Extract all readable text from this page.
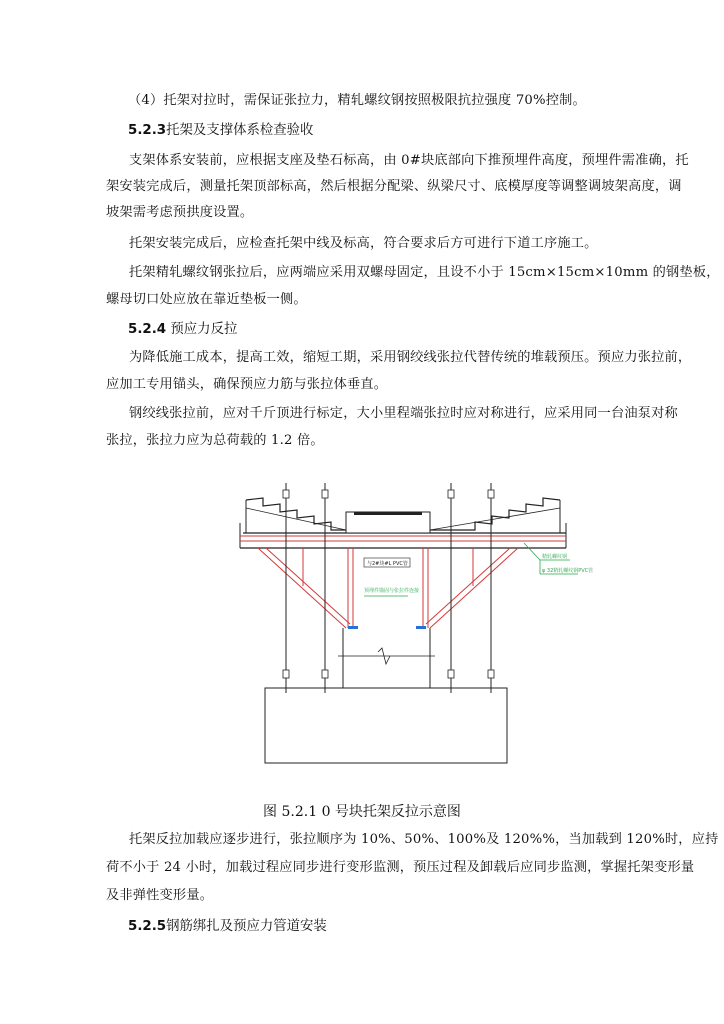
（4）托架对拉时，需保证张拉力，精轧螺纹钢按照极限抗拉强度 70%控制。
5.2.3托架及支撑体系检查验收
支架体系安装前，应根据支座及垫石标高，由 0#块底部向下推预埋件高度，预埋件需准确，托
架安装完成后，测量托架顶部标高，然后根据分配梁、纵梁尺寸、底模厚度等调整调坡架高度，调
坡架需考虑预拱度设置。
托架安装完成后，应检查托架中线及标高，符合要求后方可进行下道工序施工。
托架精轧螺纹钢张拉后，应两端应采用双螺母固定，且设不小于 15cm×15cm×10mm 的钢垫板，
螺母切口处应放在靠近垫板一侧。
5.2.4 预应力反拉
为降低施工成本，提高工效，缩短工期，采用钢绞线张拉代替传统的堆载预压。预应力张拉前，
应加工专用锚头，确保预应力筋与张拉体垂直。
钢绞线张拉前，应对千斤顶进行标定，大小里程端张拉时应对称进行，应采用同一台油泵对称
张拉，张拉力应为总荷载的 1.2 倍。
与2#块#L PVC管
精轧螺纹钢
φ 32精轧螺纹钢PVC管
预埋件锚固与张拉件连接
图 5.2.1 0 号块托架反拉示意图
托架反拉加载应逐步进行，张拉顺序为 10%、50%、100%及 120%%，当加载到 120%时，应持
荷不小于 24 小时，加载过程应同步进行变形监测，预压过程及卸载后应同步监测，掌握托架变形量
及非弹性变形量。
5.2.5钢筋绑扎及预应力管道安装
